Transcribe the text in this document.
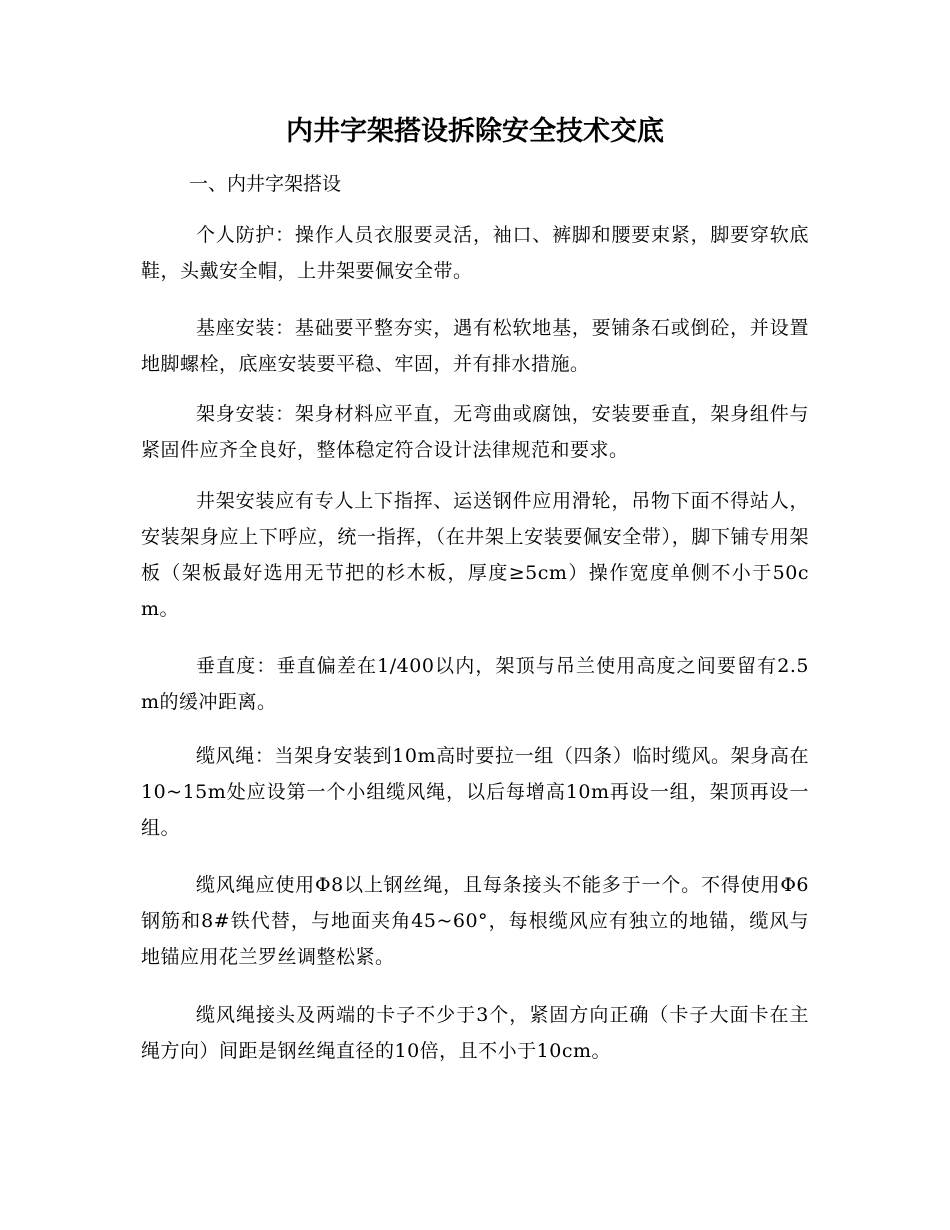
内井字架搭设拆除安全技术交底

一、内井字架搭设

个人防护：操作人员衣服要灵活，袖口、裤脚和腰要束紧，脚要穿软底鞋，头戴安全帽，上井架要佩安全带。

基座安装：基础要平整夯实，遇有松软地基，要铺条石或倒砼，并设置地脚螺栓，底座安装要平稳、牢固，并有排水措施。

架身安装：架身材料应平直，无弯曲或腐蚀，安装要垂直，架身组件与紧固件应齐全良好，整体稳定符合设计法律规范和要求。

井架安装应有专人上下指挥、运送钢件应用滑轮，吊物下面不得站人，安装架身应上下呼应，统一指挥，（在井架上安装要佩安全带），脚下铺专用架板（架板最好选用无节把的杉木板，厚度≥5cm）操作宽度单侧不小于50cm。

垂直度：垂直偏差在1/400以内，架顶与吊兰使用高度之间要留有2.5m的缓冲距离。

缆风绳：当架身安装到10m高时要拉一组（四条）临时缆风。架身高在10~15m处应设第一个小组缆风绳，以后每增高10m再设一组，架顶再设一组。

缆风绳应使用Φ8以上钢丝绳，且每条接头不能多于一个。不得使用Φ6钢筋和8#铁代替，与地面夹角45~60°，每根缆风应有独立的地锚，缆风与地锚应用花兰罗丝调整松紧。

缆风绳接头及两端的卡子不少于3个，紧固方向正确（卡子大面卡在主绳方向）间距是钢丝绳直径的10倍，且不小于10cm。
